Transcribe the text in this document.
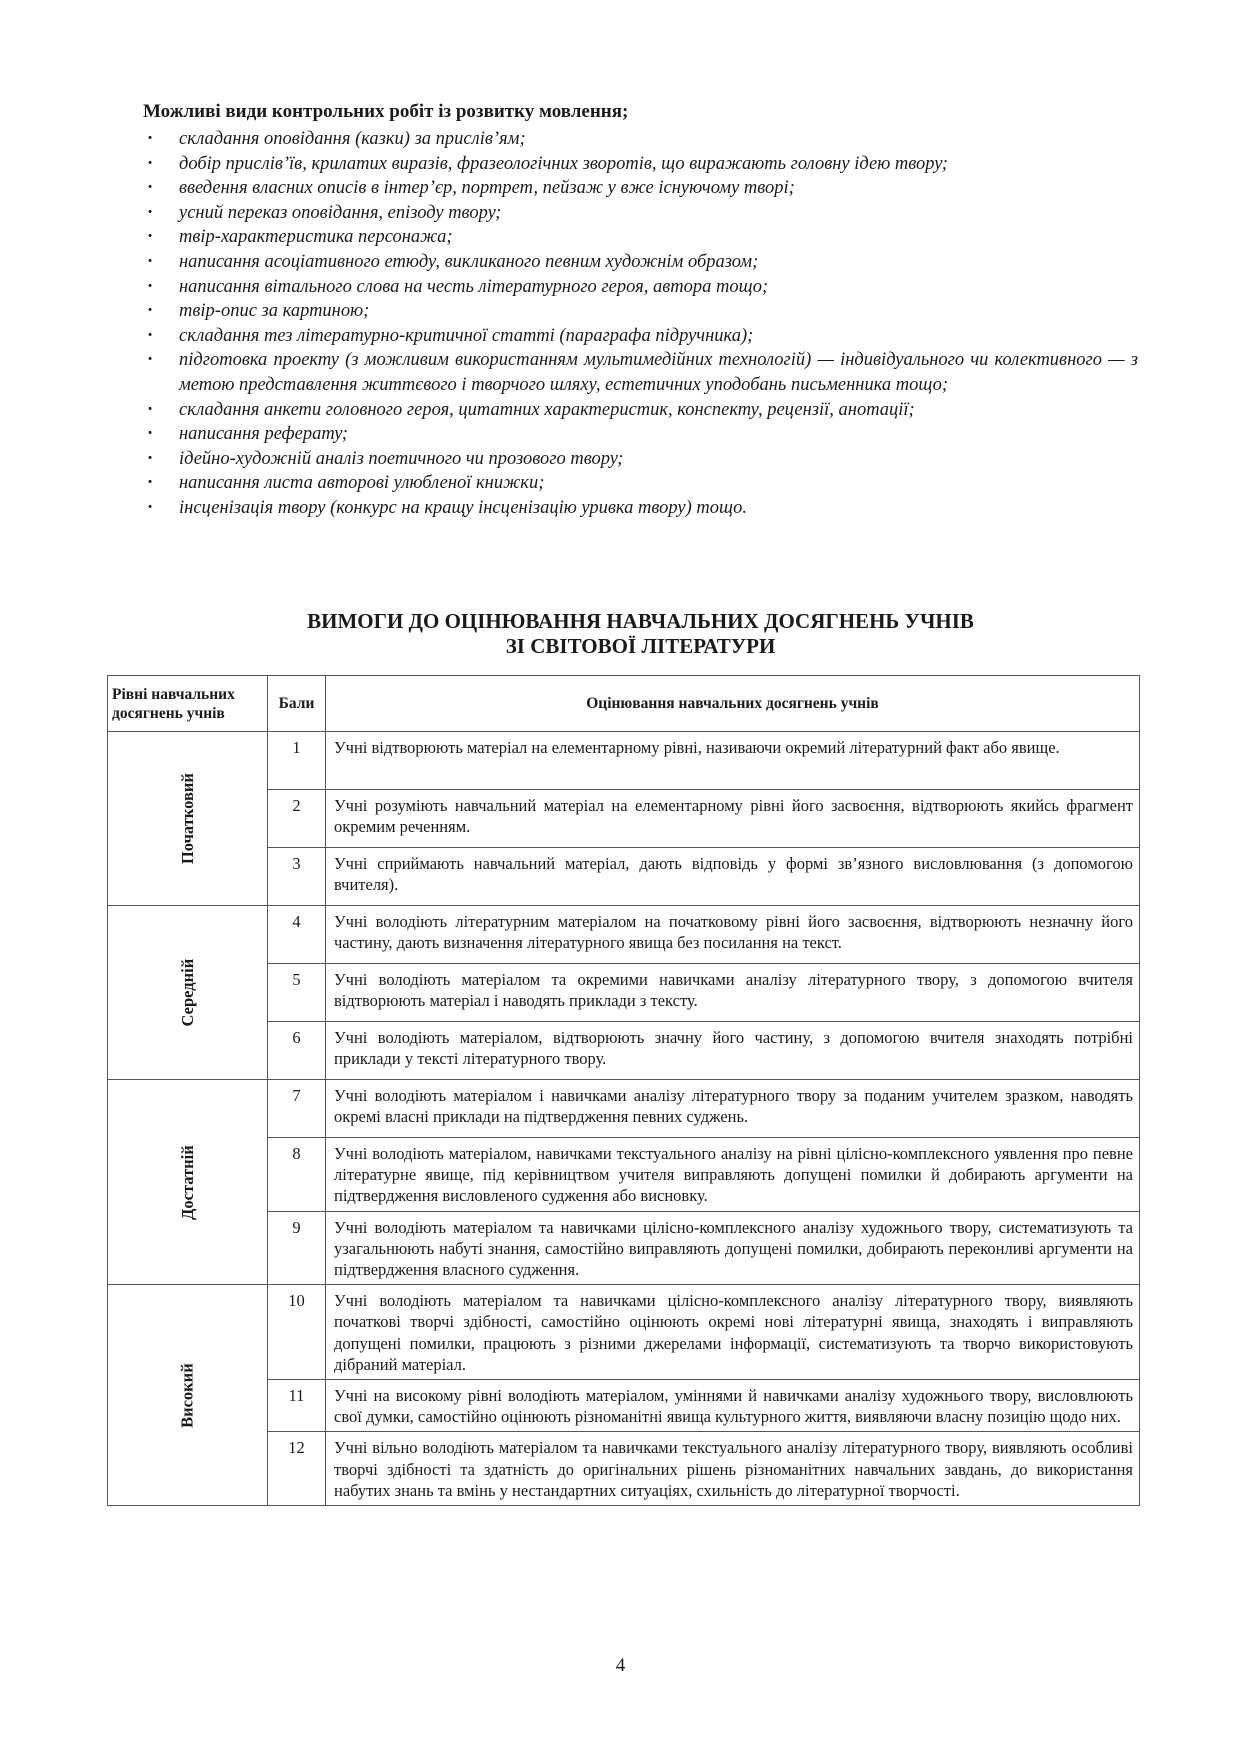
Можливі види контрольних робіт із розвитку мовлення;

· складання оповідання (казки) за прислів’ям;
· добір прислів’їв, крилатих виразів, фразеологічних зворотів, що виражають головну ідею твору;
· введення власних описів в інтер’єр, портрет, пейзаж у вже існуючому творі;
· усний переказ оповідання, епізоду твору;
· твір-характеристика персонажа;
· написання асоціативного етюду, викликаного певним художнім образом;
· написання вітального слова на честь літературного героя, автора тощо;
· твір-опис за картиною;
· складання тез літературно-критичної статті (параграфа підручника);
· підготовка проекту (з можливим використанням мультимедійних технологій) — індивідуального чи колективного — з метою представлення життєвого і творчого шляху, естетичних уподобань письменника тощо;
· складання анкети головного героя, цитатних характеристик, конспекту, рецензії, анотації;
· написання реферату;
· ідейно-художній аналіз поетичного чи прозового твору;
· написання листа авторові улюбленої книжки;
· інсценізація твору (конкурс на кращу інсценізацію уривка твору) тощо.
ВИМОГИ ДО ОЦІНЮВАННЯ НАВЧАЛЬНИХ ДОСЯГНЕНЬ УЧНІВ
ЗІ СВІТОВОЇ ЛІТЕРАТУРИ
Рівні навчальних досягнень учнів	Бали	Оцінювання навчальних досягнень учнів
Початковий	1	Учні відтворюють матеріал на елементарному рівні, називаючи окремий літературний факт або явище.
	2	Учні розуміють навчальний матеріал на елементарному рівні його засвоєння, відтворюють якийсь фрагмент окремим реченням.
	3	Учні сприймають навчальний матеріал, дають відповідь у формі зв’язного висловлювання (з допомогою вчителя).
Середній	4	Учні володіють літературним матеріалом на початковому рівні його засвоєння, відтворюють незначну його частину, дають визначення літературного явища без посилання на текст.
	5	Учні володіють матеріалом та окремими навичками аналізу літературного твору, з допомогою вчителя відтворюють матеріал і наводять приклади з тексту.
	6	Учні володіють матеріалом, відтворюють значну його частину, з допомогою вчителя знаходять потрібні приклади у тексті літературного твору.
Достатній	7	Учні володіють матеріалом і навичками аналізу літературного твору за поданим учителем зразком, наводять окремі власні приклади на підтвердження певних суджень.
	8	Учні володіють матеріалом, навичками текстуального аналізу на рівні цілісно-комплексного уявлення про певне літературне явище, під керівництвом учителя виправляють допущені помилки й добирають аргументи на підтвердження висловленого судження або висновку.
	9	Учні володіють матеріалом та навичками цілісно-комплексного аналізу художнього твору, систематизують та узагальнюють набуті знання, самостійно виправляють допущені помилки, добирають переконливі аргументи на підтвердження власного судження.
Високий	10	Учні володіють матеріалом та навичками цілісно-комплексного аналізу літературного твору, виявляють початкові творчі здібності, самостійно оцінюють окремі нові літературні явища, знаходять і виправляють допущені помилки, працюють з різними джерелами інформації, систематизують та творчо використовують дібраний матеріал.
	11	Учні на високому рівні володіють матеріалом, уміннями й навичками аналізу художнього твору, висловлюють свої думки, самостійно оцінюють різноманітні явища культурного життя, виявляючи власну позицію щодо них.
	12	Учні вільно володіють матеріалом та навичками текстуального аналізу літературного твору, виявляють особливі творчі здібності та здатність до оригінальних рішень різноманітних навчальних завдань, до використання набутих знань та вмінь у нестандартних ситуаціях, схильність до літературної творчості.
4
